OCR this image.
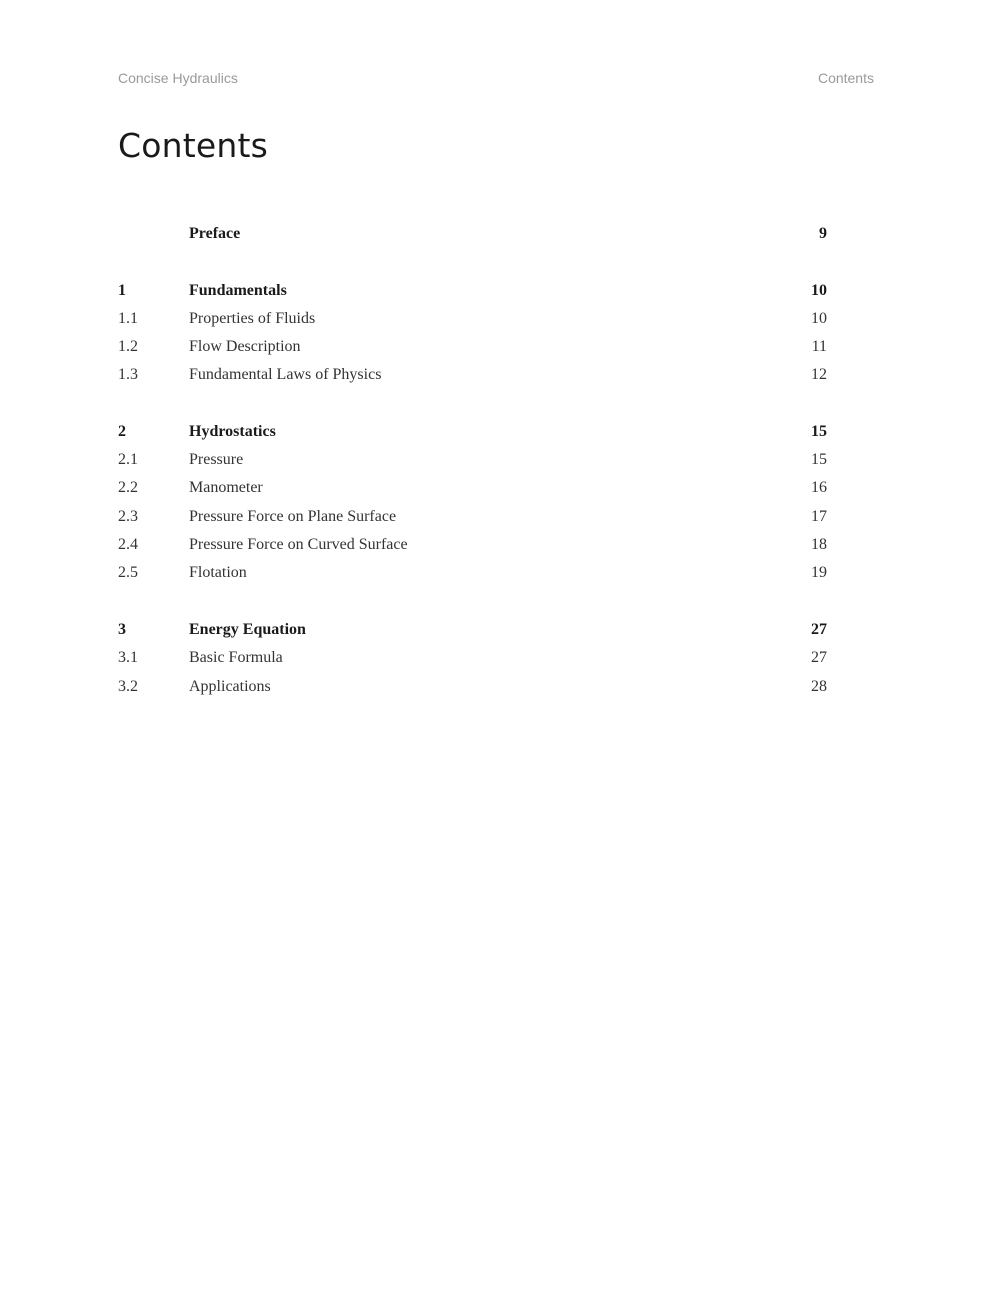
Concise Hydraulics	Contents
Contents
Preface	9
1	Fundamentals	10
1.1	Properties of Fluids	10
1.2	Flow Description	11
1.3	Fundamental Laws of Physics	12
2	Hydrostatics	15
2.1	Pressure	15
2.2	Manometer	16
2.3	Pressure Force on Plane Surface	17
2.4	Pressure Force on Curved Surface	18
2.5	Flotation	19
3	Energy Equation	27
3.1	Basic Formula	27
3.2	Applications	28
